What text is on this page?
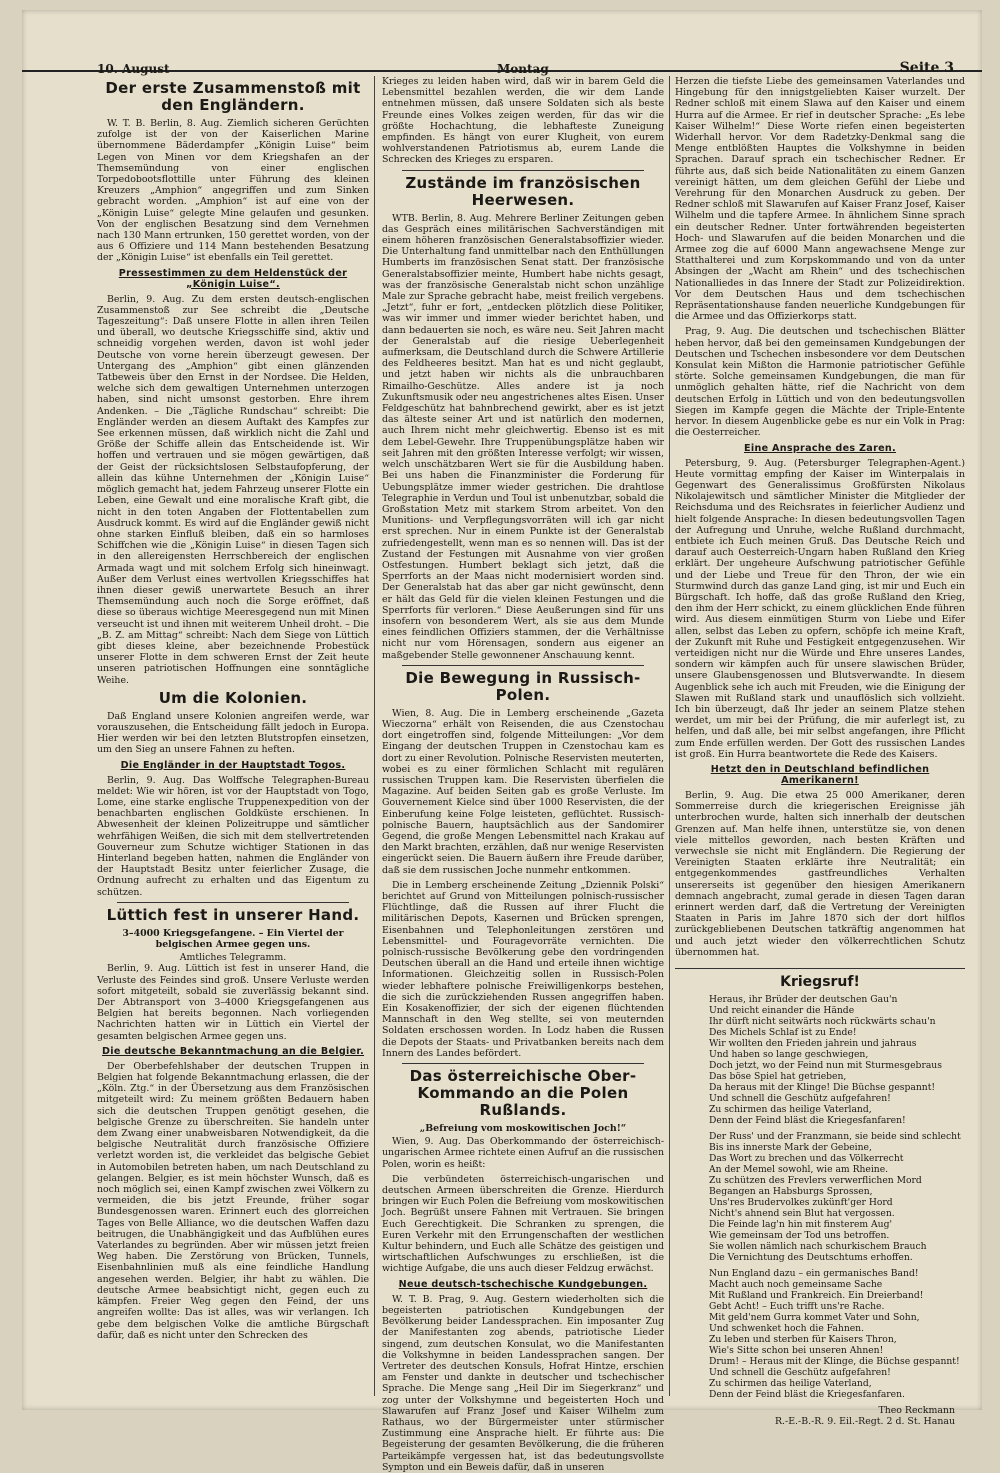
10. August	Montag	Seite 3
Der erste Zusammenstoß mit den Engländern.

W. T. B. Berlin, 8. Aug. Ziemlich sicheren Gerüchten zufolge ist der von der Kaiserlichen Marine übernommene Bäderdampfer „Königin Luise“ beim Legen von Minen vor dem Kriegshafen an der Themsemündung von einer englischen Torpedobootsflottille unter Führung des kleinen Kreuzers „Amphion“ angegriffen und zum Sinken gebracht worden. „Amphion“ ist auf eine von der „Königin Luise“ gelegte Mine gelaufen und gesunken. Von der englischen Besatzung sind dem Vernehmen nach 130 Mann ertrunken, 150 gerettet worden, von der aus 6 Offiziere und 114 Mann bestehenden Besatzung der „Königin Luise“ ist ebenfalls ein Teil gerettet.

Pressestimmen zu dem Heldenstück der „Königin Luise“.

Berlin, 9. Aug. Zu dem ersten deutsch-englischen Zusammenstoß zur See schreibt die „Deutsche Tageszeitung“: Daß unsere Flotte in allen ihren Teilen und überall, wo deutsche Kriegsschiffe sind, aktiv und schneidig vorgehen werden, davon ist wohl jeder Deutsche von vorne herein überzeugt gewesen. Der Untergang des „Amphion“ gibt einen glänzenden Tatbeweis über den Ernst in der Nordsee. Die Helden, welche sich dem gewaltigen Unternehmen unterzogen haben, sind nicht umsonst gestorben. Ehre ihrem Andenken. – Die „Tägliche Rundschau“ schreibt: Die Engländer werden an diesem Auftakt des Kampfes zur See erkennen müssen, daß wirklich nicht die Zahl und Größe der Schiffe allein das Entscheidende ist. Wir hoffen und vertrauen und sie mögen gewärtigen, daß der Geist der rücksichtslosen Selbstaufopferung, der allein das kühne Unternehmen der „Königin Luise“ möglich gemacht hat, jedem Fahrzeug unserer Flotte ein Leben, eine Gewalt und eine moralische Kraft gibt, die nicht in den toten Angaben der Flottentabellen zum Ausdruck kommt. Es wird auf die Engländer gewiß nicht ohne starken Einfluß bleiben, daß ein so harmloses Schiffchen wie die „Königin Luise“ in diesen Tagen sich in den allereigensten Herrschbereich der englischen Armada wagt und mit solchem Erfolg sich hineinwagt. Außer dem Verlust eines wertvollen Kriegsschiffes hat ihnen dieser gewiß unerwartete Besuch an ihrer Themsemündung auch noch die Sorge eröffnet, daß diese so überaus wichtige Meeresgegend nun mit Minen verseucht ist und ihnen mit weiterem Unheil droht. – Die „B. Z. am Mittag“ schreibt: Nach dem Siege von Lüttich gibt dieses kleine, aber bezeichnende Probestück unserer Flotte in dem schweren Ernst der Zeit heute unseren patriotischen Hoffnungen eine sonntägliche Weihe.

Um die Kolonien.

Daß England unsere Kolonien angreifen werde, war vorauszusehen, die Entscheidung fällt jedoch in Europa. Hier werden wir bei den letzten Blutstropfen einsetzen, um den Sieg an unsere Fahnen zu heften.

Die Engländer in der Hauptstadt Togos.

Berlin, 9. Aug. Das Wolffsche Telegraphen-Bureau meldet: Wie wir hören, ist vor der Hauptstadt von Togo, Lome, eine starke englische Truppenexpedition von der benachbarten englischen Goldküste erschienen. In Abwesenheit der kleinen Polizeitruppe und sämtlicher wehrfähigen Weißen, die sich mit dem stellvertretenden Gouverneur zum Schutze wichtiger Stationen in das Hinterland begeben hatten, nahmen die Engländer von der Hauptstadt Besitz unter feierlicher Zusage, die Ordnung aufrecht zu erhalten und das Eigentum zu schützen.

Lüttich fest in unserer Hand.
3–4000 Kriegsgefangene. – Ein Viertel der belgischen Armee gegen uns.
Amtliches Telegramm.

Berlin, 9. Aug. Lüttich ist fest in unserer Hand, die Verluste des Feindes sind groß. Unsere Verluste werden sofort mitgeteilt, sobald sie zuverlässig bekannt sind. Der Abtransport von 3–4000 Kriegsgefangenen aus Belgien hat bereits begonnen. Nach vorliegenden Nachrichten hatten wir in Lüttich ein Viertel der gesamten belgischen Armee gegen uns.

Die deutsche Bekanntmachung an die Belgier.

Der Oberbefehlshaber der deutschen Truppen in Belgien hat folgende Bekanntmachung erlassen, die der „Köln. Ztg.“ in der Übersetzung aus dem Französischen mitgeteilt wird: Zu meinem größten Bedauern haben sich die deutschen Truppen genötigt gesehen, die belgische Grenze zu überschreiten. Sie handeln unter dem Zwang einer unabweisbaren Notwendigkeit, da die belgische Neutralität durch französische Offiziere verletzt worden ist, die verkleidet das belgische Gebiet in Automobilen betreten haben, um nach Deutschland zu gelangen. Belgier, es ist mein höchster Wunsch, daß es noch möglich sei, einen Kampf zwischen zwei Völkern zu vermeiden, die bis jetzt Freunde, früher sogar Bundesgenossen waren. Erinnert euch des glorreichen Tages von Belle Alliance, wo die deutschen Waffen dazu beitrugen, die Unabhängigkeit und das Aufblühen eures Vaterlandes zu begründen. Aber wir müssen jetzt freien Weg haben. Die Zerstörung von Brücken, Tunnels, Eisenbahnlinien muß als eine feindliche Handlung angesehen werden. Belgier, ihr habt zu wählen. Die deutsche Armee beabsichtigt nicht, gegen euch zu kämpfen. Freier Weg gegen den Feind, der uns angreifen wollte: Das ist alles, was wir verlangen. Ich gebe dem belgischen Volke die amtliche Bürgschaft dafür, daß es nicht unter den Schrecken des

Krieges zu leiden haben wird, daß wir in barem Geld die Lebensmittel bezahlen werden, die wir dem Lande entnehmen müssen, daß unsere Soldaten sich als beste Freunde eines Volkes zeigen werden, für das wir die größte Hochachtung, die lebhafteste Zuneigung empfinden. Es hängt von eurer Klugheit, von eurem wohlverstandenen Patriotismus ab, eurem Lande die Schrecken des Krieges zu ersparen.

Zustände im französischen Heerwesen.

WTB. Berlin, 8. Aug. Mehrere Berliner Zeitungen geben das Gespräch eines militärischen Sachverständigen mit einem höheren französischen Generalstabsoffizier wieder. Die Unterhaltung fand unmittelbar nach den Enthüllungen Humberts im französischen Senat statt. Der französische Generalstabsoffizier meinte, Humbert habe nichts gesagt, was der französische Generalstab nicht schon unzählige Male zur Sprache gebracht habe, meist freilich vergebens. „Jetzt“, fuhr er fort, „entdecken plötzlich diese Politiker, was wir immer und immer wieder berichtet haben, und dann bedauerten sie noch, es wäre neu. Seit Jahren macht der Generalstab auf die riesige Ueberlegenheit aufmerksam, die Deutschland durch die Schwere Artillerie des Feldheeres besitzt. Man hat es und nicht geglaubt, und jetzt haben wir nichts als die unbrauchbaren Rimailho-Geschütze. Alles andere ist ja noch Zukunftsmusik oder neu angestrichenes altes Eisen. Unser Feldgeschütz hat bahnbrechend gewirkt, aber es ist jetzt das älteste seiner Art und ist natürlich den modernen, auch Ihrem nicht mehr gleichwertig. Ebenso ist es mit dem Lebel-Gewehr. Ihre Truppenübungsplätze haben wir seit Jahren mit den größten Interesse verfolgt; wir wissen, welch unschätzbaren Wert sie für die Ausbildung haben. Bei uns haben die Finanzminister die Forderung für Uebungsplätze immer wieder gestrichen. Die drahtlose Telegraphie in Verdun und Toul ist unbenutzbar, sobald die Großstation Metz mit starkem Strom arbeitet. Von den Munitions- und Verpflegungsvorräten will ich gar nicht erst sprechen. Nur in einem Punkte ist der Generalstab zufriedengestellt, wenn man es so nennen will. Das ist der Zustand der Festungen mit Ausnahme von vier großen Ostfestungen. Humbert beklagt sich jetzt, daß die Sperrforts an der Maas nicht modernisiert worden sind. Der Generalstab hat das aber gar nicht gewünscht, denn er hält das Geld für die vielen kleinen Festungen und die Sperrforts für verloren.“ Diese Aeußerungen sind für uns insofern von besonderem Wert, als sie aus dem Munde eines feindlichen Offiziers stammen, der die Verhältnisse nicht nur vom Hörensagen, sondern aus eigener an maßgebender Stelle gewonnener Anschauung kennt.

Die Bewegung in Russisch-Polen.

Wien, 8. Aug. Die in Lemberg erscheinende „Gazeta Wieczorna“ erhält von Reisenden, die aus Czenstochau dort eingetroffen sind, folgende Mitteilungen: „Vor dem Eingang der deutschen Truppen in Czenstochau kam es dort zu einer Revolution. Polnische Reservisten meuterten, wobei es zu einer förmlichen Schlacht mit regulären russischen Truppen kam. Die Reservisten überfielen die Magazine. Auf beiden Seiten gab es große Verluste. Im Gouvernement Kielce sind über 1000 Reservisten, die der Einberufung keine Folge leisteten, geflüchtet. Russisch-polnische Bauern, hauptsächlich aus der Sandomirer Gegend, die große Mengen Lebensmittel nach Krakau auf den Markt brachten, erzählen, daß nur wenige Reservisten eingerückt seien. Die Bauern äußern ihre Freude darüber, daß sie dem russischen Joche nunmehr entkommen.

Die in Lemberg erscheinende Zeitung „Dziennik Polski“ berichtet auf Grund von Mitteilungen polnisch-russischer Flüchtlinge, daß die Russen auf ihrer Flucht die militärischen Depots, Kasernen und Brücken sprengen, Eisenbahnen und Telephonleitungen zerstören und Lebensmittel- und Fouragevorräte vernichten. Die polnisch-russische Bevölkerung gebe den vordringenden Deutschen überall an die Hand und erteile ihnen wichtige Informationen. Gleichzeitig sollen in Russisch-Polen wieder lebhaftere polnische Freiwilligenkorps bestehen, die sich die zurückziehenden Russen angegriffen haben. Ein Kosakenoffizier, der sich der eigenen flüchtenden Mannschaft in den Weg stellte, sei von meuternden Soldaten erschossen worden. In Lodz haben die Russen die Depots der Staats- und Privatbanken bereits nach dem Innern des Landes befördert.

Das österreichische Ober-Kommando an die Polen Rußlands.
„Befreiung vom moskowitischen Joch!“

Wien, 9. Aug. Das Oberkommando der österreichisch-ungarischen Armee richtete einen Aufruf an die russischen Polen, worin es heißt:

Die verbündeten österreichisch-ungarischen und deutschen Armeen überschreiten die Grenze. Hierdurch bringen wir Euch Polen die Befreiung vom moskowitischen Joch. Begrüßt unsere Fahnen mit Vertrauen. Sie bringen Euch Gerechtigkeit. Die Schranken zu sprengen, die Euren Verkehr mit den Errungenschaften der westlichen Kultur behindern, und Euch alle Schätze des geistigen und wirtschaftlichen Aufschwunges zu erschließen, ist die wichtige Aufgabe, die uns auch dieser Feldzug erwächst.

Neue deutsch-tschechische Kundgebungen.

W. T. B. Prag, 9. Aug. Gestern wiederholten sich die begeisterten patriotischen Kundgebungen der Bevölkerung beider Landessprachen. Ein imposanter Zug der Manifestanten zog abends, patriotische Lieder singend, zum deutschen Konsulat, wo die Manifestanten die Volkshymne in beiden Landessprachen sangen. Der Vertreter des deutschen Konsuls, Hofrat Hintze, erschien am Fenster und dankte in deutscher und tschechischer Sprache. Die Menge sang „Heil Dir im Siegerkranz“ und zog unter der Volkshymne und begeisterten Hoch und Slawarufen auf Franz Josef und Kaiser Wilhelm zum Rathaus, wo der Bürgermeister unter stürmischer Zustimmung eine Ansprache hielt. Er führte aus: Die Begeisterung der gesamten Bevölkerung, die die früheren Parteikämpfe vergessen hat, ist das bedeutungsvollste Sympton und ein Beweis dafür, daß in unseren

Herzen die tiefste Liebe des gemeinsamen Vaterlandes und Hingebung für den innigstgeliebten Kaiser wurzelt. Der Redner schloß mit einem Slawa auf den Kaiser und einem Hurra auf die Armee. Er rief in deutscher Sprache: „Es lebe Kaiser Wilhelm!“ Diese Worte riefen einen begeisterten Widerhall hervor. Vor dem Radetzky-Denkmal sang die Menge entblößten Hauptes die Volkshymne in beiden Sprachen. Darauf sprach ein tschechischer Redner. Er führte aus, daß sich beide Nationalitäten zu einem Ganzen vereinigt hätten, um dem gleichen Gefühl der Liebe und Verehrung für den Monarchen Ausdruck zu geben. Der Redner schloß mit Slawarufen auf Kaiser Franz Josef, Kaiser Wilhelm und die tapfere Armee. In ähnlichem Sinne sprach ein deutscher Redner. Unter fortwährenden begeisterten Hoch- und Slawarufen auf die beiden Monarchen und die Armee zog die auf 6000 Mann angewachsene Menge zur Statthalterei und zum Korpskommando und von da unter Absingen der „Wacht am Rhein“ und des tschechischen Nationalliedes in das Innere der Stadt zur Polizeidirektion. Vor dem Deutschen Haus und dem tschechischen Repräsentationshause fanden neuerliche Kundgebungen für die Armee und das Offizierkorps statt.

Prag, 9. Aug. Die deutschen und tschechischen Blätter heben hervor, daß bei den gemeinsamen Kundgebungen der Deutschen und Tschechen insbesondere vor dem Deutschen Konsulat kein Mißton die Harmonie patriotischer Gefühle störte. Solche gemeinsamen Kundgebungen, die man für unmöglich gehalten hätte, rief die Nachricht von dem deutschen Erfolg in Lüttich und von den bedeutungsvollen Siegen im Kampfe gegen die Mächte der Triple-Entente hervor. In diesem Augenblicke gebe es nur ein Volk in Prag: die Oesterreicher.

Eine Ansprache des Zaren.

Petersburg, 9. Aug. (Petersburger Telegraphen-Agent.) Heute vormittag empfing der Kaiser im Winterpalais in Gegenwart des Generalissimus Großfürsten Nikolaus Nikolajewitsch und sämtlicher Minister die Mitglieder der Reichsduma und des Reichsrates in feierlicher Audienz und hielt folgende Ansprache: In diesen bedeutungsvollen Tagen der Aufregung und Unruhe, welche Rußland durchmacht, entbiete ich Euch meinen Gruß. Das Deutsche Reich und darauf auch Oesterreich-Ungarn haben Rußland den Krieg erklärt. Der ungeheure Aufschwung patriotischer Gefühle und der Liebe und Treue für den Thron, der wie ein Sturmwind durch das ganze Land ging, ist mir und Euch ein Bürgschaft. Ich hoffe, daß das große Rußland den Krieg, den ihm der Herr schickt, zu einem glücklichen Ende führen wird. Aus diesem einmütigen Sturm von Liebe und Eifer allen, selbst das Leben zu opfern, schöpfe ich meine Kraft, der Zukunft mit Ruhe und Festigkeit entgegenzusehen. Wir verteidigen nicht nur die Würde und Ehre unseres Landes, sondern wir kämpfen auch für unsere slawischen Brüder, unsere Glaubensgenossen und Blutsverwandte. In diesem Augenblick sehe ich auch mit Freuden, wie die Einigung der Slawen mit Rußland stark und unauflöslich sich vollzieht. Ich bin überzeugt, daß Ihr jeder an seinem Platze stehen werdet, um mir bei der Prüfung, die mir auferlegt ist, zu helfen, und daß alle, bei mir selbst angefangen, ihre Pflicht zum Ende erfüllen werden. Der Gott des russischen Landes ist groß. Ein Hurra beantwortete die Rede des Kaisers.

Hetzt den in Deutschland befindlichen Amerikanern!

Berlin, 9. Aug. Die etwa 25 000 Amerikaner, deren Sommerreise durch die kriegerischen Ereignisse jäh unterbrochen wurde, halten sich innerhalb der deutschen Grenzen auf. Man helfe ihnen, unterstütze sie, von denen viele mittellos geworden, nach besten Kräften und verwechsle sie nicht mit Engländern. Die Regierung der Vereinigten Staaten erklärte ihre Neutralität; ein entgegenkommendes gastfreundliches Verhalten unsererseits ist gegenüber den hiesigen Amerikanern demnach angebracht, zumal gerade in diesen Tagen daran erinnert werden darf, daß die Vertretung der Vereinigten Staaten in Paris im Jahre 1870 sich der dort hilflos zurückgebliebenen Deutschen tatkräftig angenommen hat und auch jetzt wieder den völkerrechtlichen Schutz übernommen hat.

Kriegsruf!
Heraus, ihr Brüder der deutschen Gau'n
Und reicht einander die Hände
Ihr dürft nicht seitwärts noch rückwärts schau'n
Des Michels Schlaf ist zu Ende!
Wir wollten den Frieden jahrein und jahraus
Und haben so lange geschwiegen,
Doch jetzt, wo der Feind nun mit Sturmesgebraus
Das böse Spiel hat getrieben,
Da heraus mit der Klinge! Die Büchse gespannt!
Und schnell die Geschütz aufgefahren!
Zu schirmen das heilige Vaterland,
Denn der Feind bläst die Kriegesfanfaren!
Der Russ' und der Franzmann, sie beide sind schlecht
Bis ins innerste Mark der Gebeine,
Das Wort zu brechen und das Völkerrecht
An der Memel sowohl, wie am Rheine.
Zu schützen des Frevlers verwerflichen Mord
Begangen an Habsburgs Sprossen,
Uns'res Brudervolkes zukünft'ger Hord
Nicht's ahnend sein Blut hat vergossen.
Die Feinde lag'n hin mit finsterem Aug'
Wie gemeinsam der Tod uns betroffen.
Sie wollen nämlich nach schurkischem Brauch
Die Vernichtung des Deutschtums erhoffen.
Nun England dazu – ein germanisches Band!
Macht auch noch gemeinsame Sache
Mit Rußland und Frankreich. Ein Dreierband!
Gebt Acht! – Euch trifft uns're Rache.
Mit geld'nem Gurra kommet Vater und Sohn,
Und schwenket hoch die Fahnen.
Zu leben und sterben für Kaisers Thron,
Wie's Sitte schon bei unseren Ahnen!
Drum! – Heraus mit der Klinge, die Büchse gespannt!
Und schnell die Geschütz aufgefahren!
Zu schirmen das heilige Vaterland,
Denn der Feind bläst die Kriegesfanfaren.
Theo Reckmann
R.-E.-B.-R. 9. Eil.-Regt. 2 d. St. Hanau
